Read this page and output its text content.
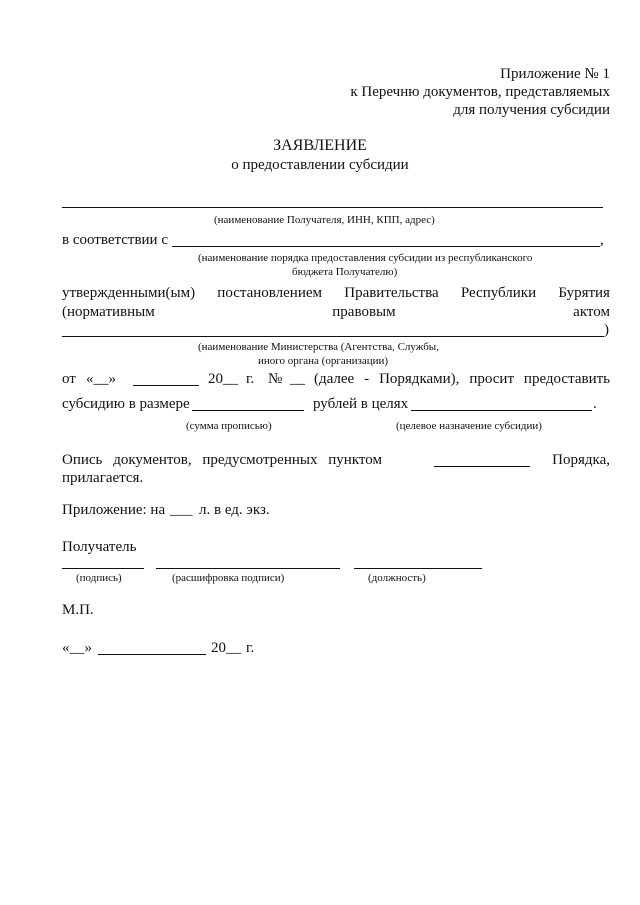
Приложение № 1
к Перечню документов, представляемых
для получения субсидии
ЗАЯВЛЕНИЕ
о предоставлении субсидии
(наименование Получателя, ИНН, КПП, адрес)
в соответствии с	,
(наименование порядка предоставления субсидии из республиканского
бюджета Получателю)
утвержденными(ым) постановлением Правительства Республики Бурятия
(нормативным	правовым	актом
)
(наименование Министерства (Агентства, Службы,
иного органа (организации)
от «__»	20__ г. № __ (далее - Порядками), просит предоставить
субсидию в размере	рублей в целях	.
(сумма прописью)	(целевое назначение субсидии)
Опись документов, предусмотренных пунктом	Порядка,
прилагается.
Приложение: на ___ л. в ед. экз.
Получатель
(подпись)	(расшифровка подписи)	(должность)
М.П.
«__»	20__ г.
